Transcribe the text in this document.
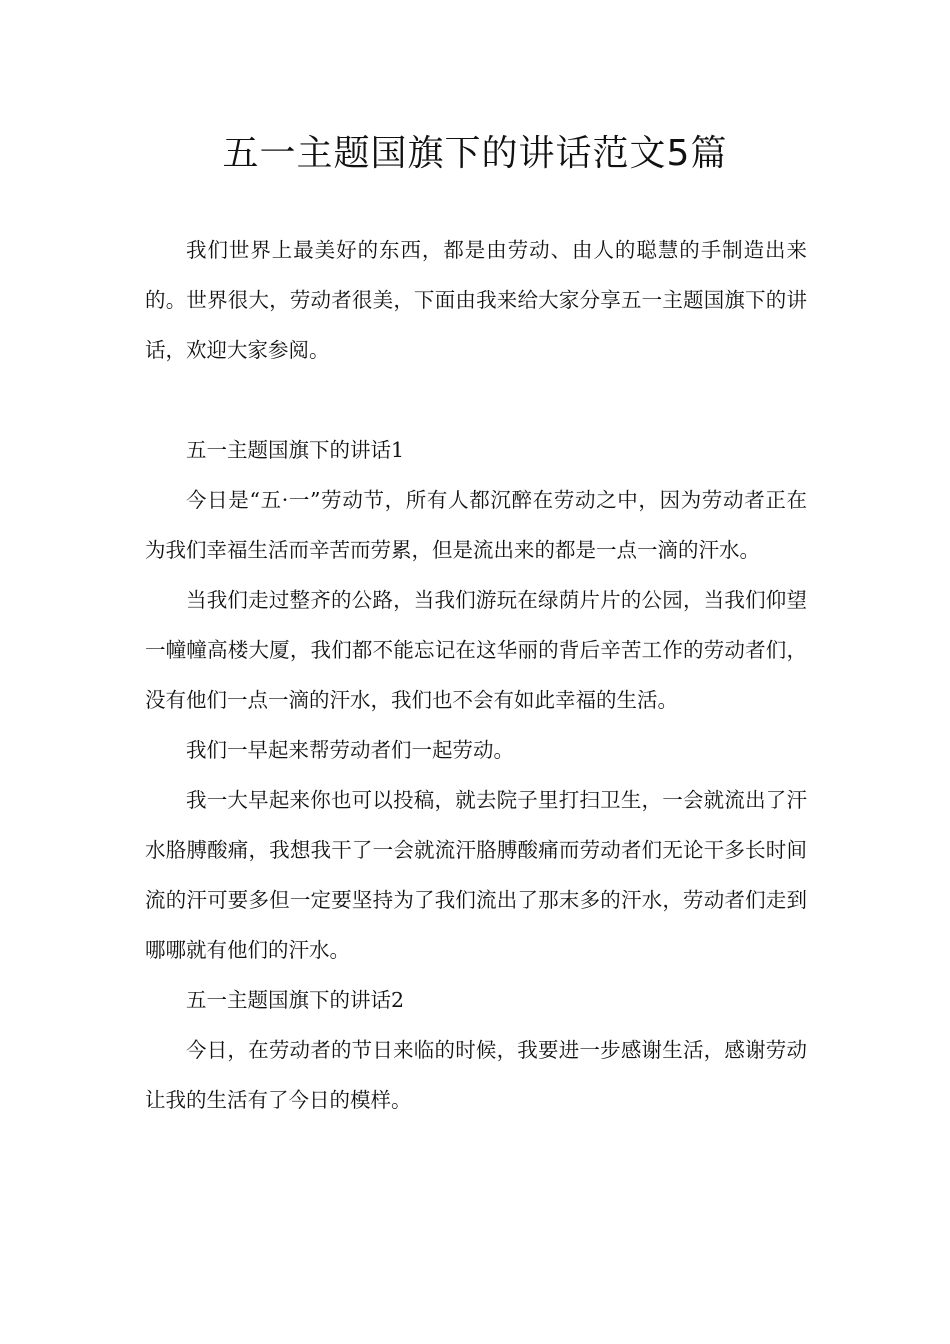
五一主题国旗下的讲话范文5篇

我们世界上最美好的东西，都是由劳动、由人的聪慧的手制造出来的。世界很大，劳动者很美，下面由我来给大家分享五一主题国旗下的讲话，欢迎大家参阅。

五一主题国旗下的讲话1

今日是“五·一”劳动节，所有人都沉醉在劳动之中，因为劳动者正在为我们幸福生活而辛苦而劳累，但是流出来的都是一点一滴的汗水。

当我们走过整齐的公路，当我们游玩在绿荫片片的公园，当我们仰望一幢幢高楼大厦，我们都不能忘记在这华丽的背后辛苦工作的劳动者们，没有他们一点一滴的汗水，我们也不会有如此幸福的生活。

我们一早起来帮劳动者们一起劳动。

我一大早起来你也可以投稿，就去院子里打扫卫生，一会就流出了汗水胳膊酸痛，我想我干了一会就流汗胳膊酸痛而劳动者们无论干多长时间流的汗可要多但一定要坚持为了我们流出了那末多的汗水，劳动者们走到哪哪就有他们的汗水。

五一主题国旗下的讲话2

今日，在劳动者的节日来临的时候，我要进一步感谢生活，感谢劳动让我的生活有了今日的模样。
